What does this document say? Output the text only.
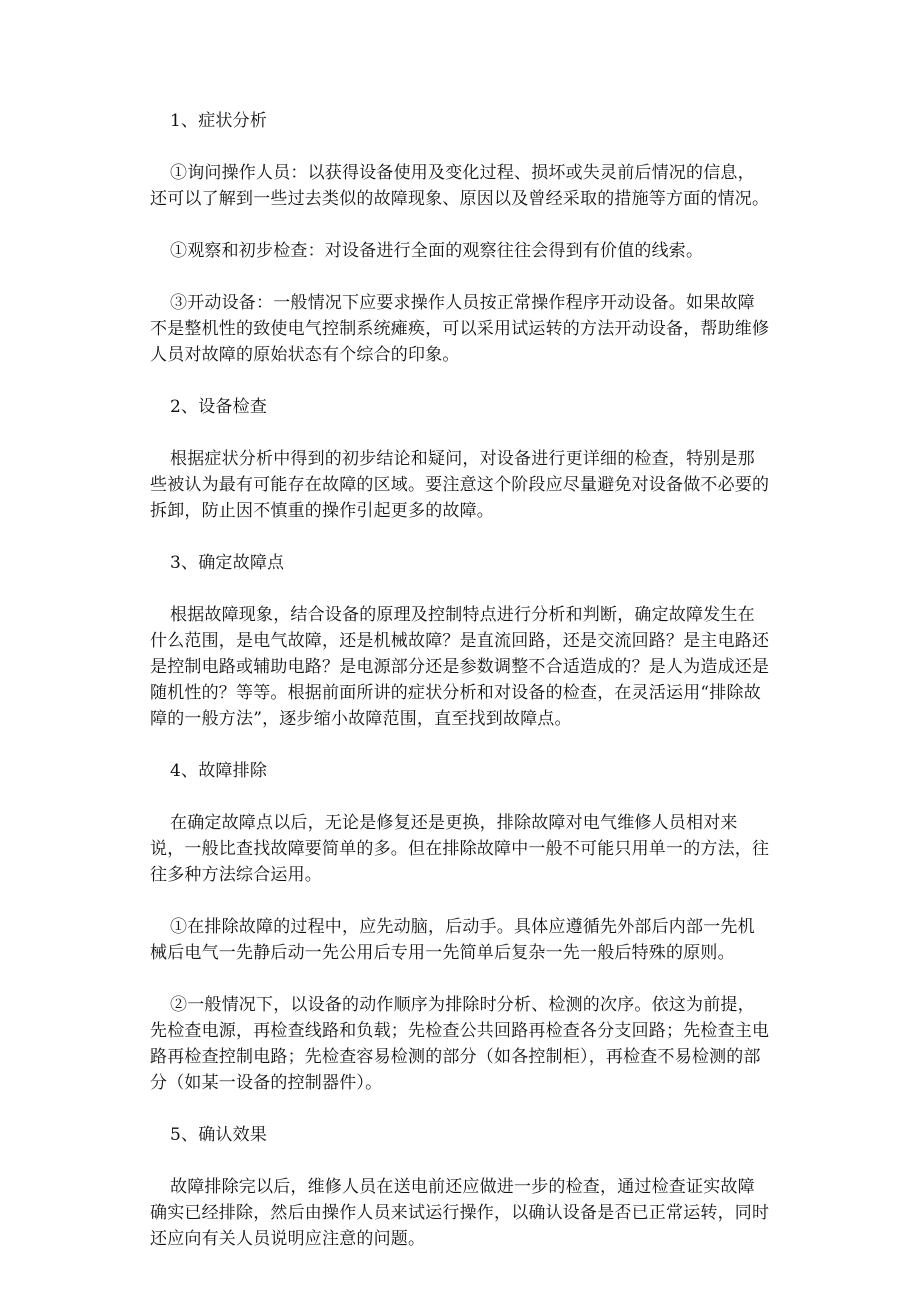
1、症状分析
①询问操作人员：以获得设备使用及变化过程、损坏或失灵前后情况的信息，还可以了解到一些过去类似的故障现象、原因以及曾经采取的措施等方面的情况。
①观察和初步检查：对设备进行全面的观察往往会得到有价值的线索。
③开动设备：一般情况下应要求操作人员按正常操作程序开动设备。如果故障不是整机性的致使电气控制系统瘫痪，可以采用试运转的方法开动设备，帮助维修人员对故障的原始状态有个综合的印象。
2、设备检查
根据症状分析中得到的初步结论和疑问，对设备进行更详细的检查，特别是那些被认为最有可能存在故障的区域。要注意这个阶段应尽量避免对设备做不必要的拆卸，防止因不慎重的操作引起更多的故障。
3、确定故障点
根据故障现象，结合设备的原理及控制特点进行分析和判断，确定故障发生在什么范围，是电气故障，还是机械故障？是直流回路，还是交流回路？是主电路还是控制电路或辅助电路？是电源部分还是参数调整不合适造成的？是人为造成还是随机性的？等等。根据前面所讲的症状分析和对设备的检查，在灵活运用“排除故障的一般方法”，逐步缩小故障范围，直至找到故障点。
4、故障排除
在确定故障点以后，无论是修复还是更换，排除故障对电气维修人员相对来说，一般比查找故障要简单的多。但在排除故障中一般不可能只用单一的方法，往往多种方法综合运用。
①在排除故障的过程中，应先动脑，后动手。具体应遵循先外部后内部一先机械后电气一先静后动一先公用后专用一先简单后复杂一先一般后特殊的原则。
②一般情况下，以设备的动作顺序为排除时分析、检测的次序。依这为前提，先检查电源，再检查线路和负载；先检查公共回路再检查各分支回路；先检查主电路再检查控制电路；先检查容易检测的部分（如各控制柜），再检查不易检测的部分（如某一设备的控制器件）。
5、确认效果
故障排除完以后，维修人员在送电前还应做进一步的检查，通过检查证实故障确实已经排除，然后由操作人员来试运行操作，以确认设备是否已正常运转，同时还应向有关人员说明应注意的问题。
